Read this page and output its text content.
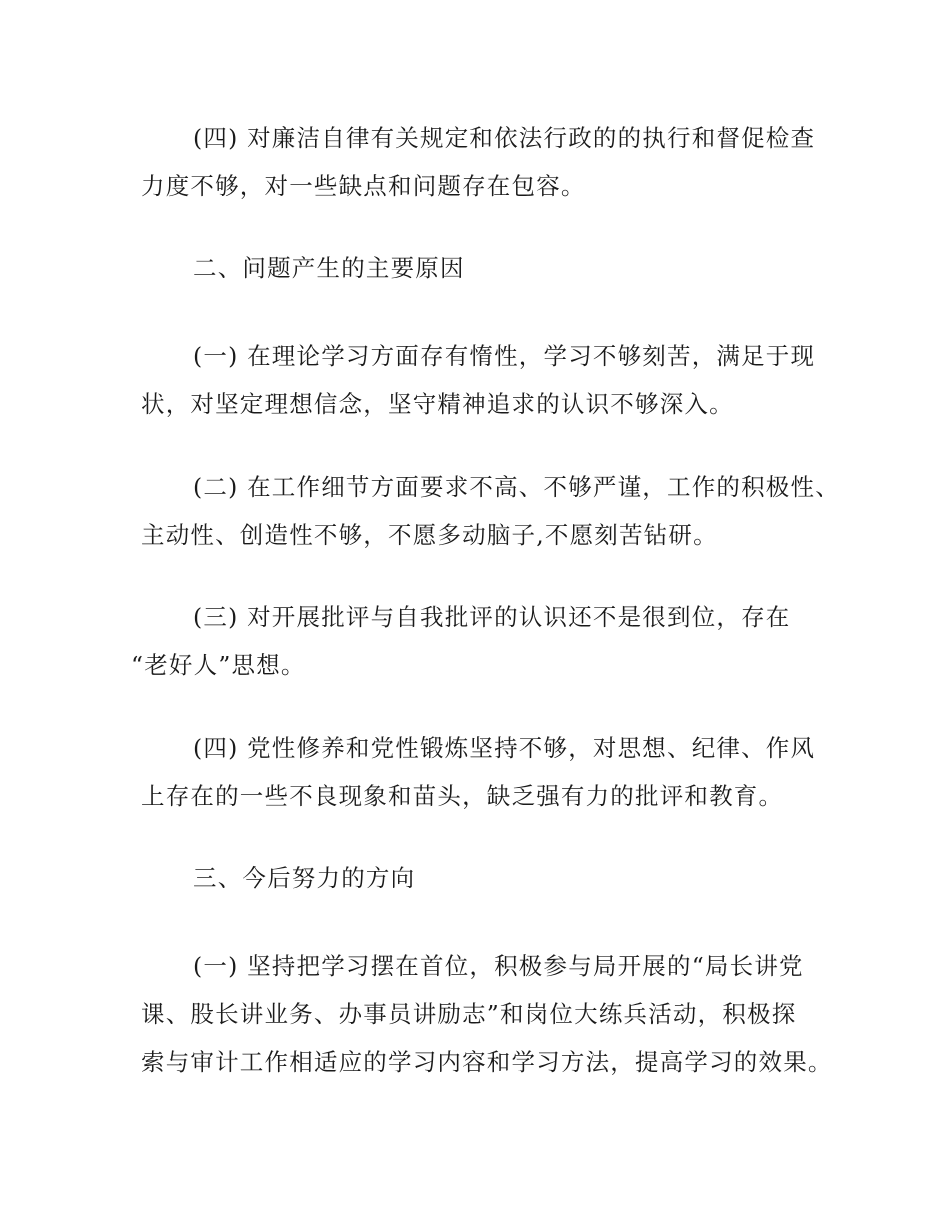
(四) 对廉洁自律有关规定和依法行政的的执行和督促检查
力度不够，对一些缺点和问题存在包容。
二、问题产生的主要原因
(一) 在理论学习方面存有惰性，学习不够刻苦，满足于现
状，对坚定理想信念，坚守精神追求的认识不够深入。
(二) 在工作细节方面要求不高、不够严谨，工作的积极性、
主动性、创造性不够，不愿多动脑子,不愿刻苦钻研。
(三) 对开展批评与自我批评的认识还不是很到位，存在
“老好人”思想。
(四) 党性修养和党性锻炼坚持不够，对思想、纪律、作风
上存在的一些不良现象和苗头，缺乏强有力的批评和教育。
三、今后努力的方向
(一) 坚持把学习摆在首位，积极参与局开展的“局长讲党
课、股长讲业务、办事员讲励志”和岗位大练兵活动，积极探
索与审计工作相适应的学习内容和学习方法，提高学习的效果。
